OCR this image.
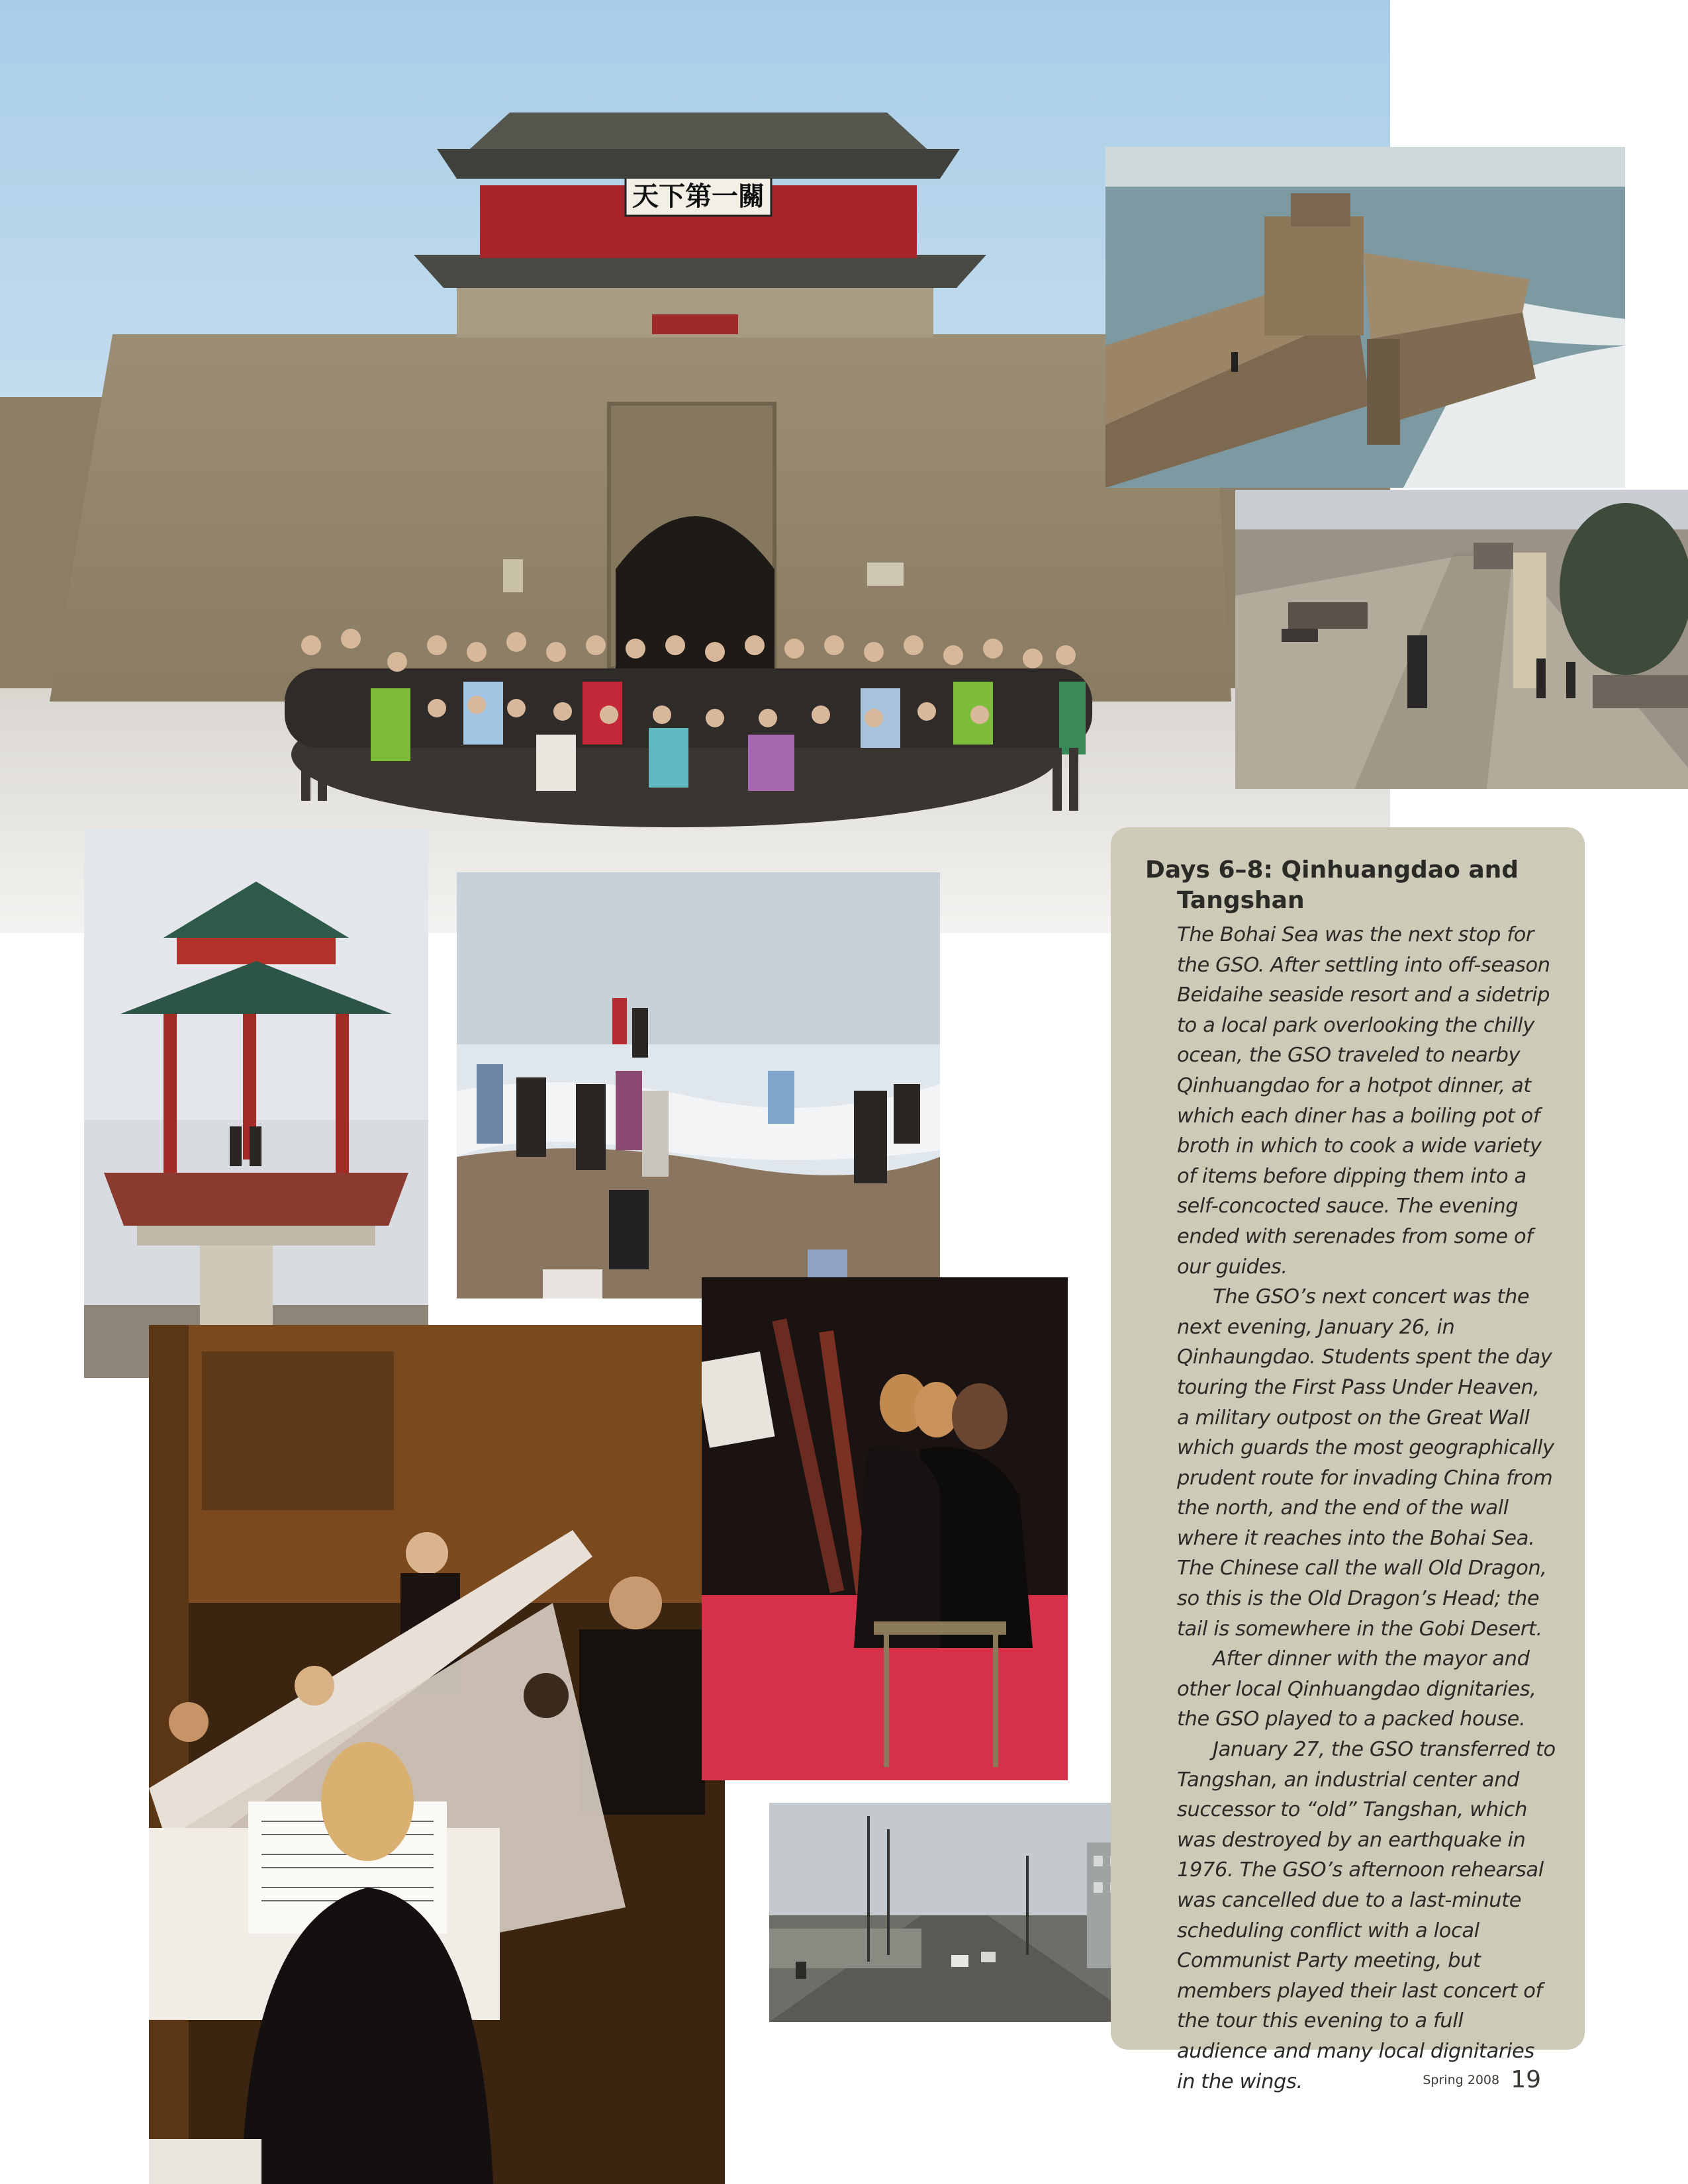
天下第一關
Days 6–8: Qinhuangdao and Tangshan

The Bohai Sea was the next stop for the GSO. After settling into off-season Beidaihe seaside resort and a sidetrip to a local park overlooking the chilly ocean, the GSO traveled to nearby Qinhuangdao for a hotpot dinner, at which each diner has a boiling pot of broth in which to cook a wide variety of items before dipping them into a self-concocted sauce. The evening ended with serenades from some of our guides.

The GSO’s next concert was the next evening, January 26, in Qinhaungdao. Students spent the day touring the First Pass Under Heaven, a military outpost on the Great Wall which guards the most geographically prudent route for invading China from the north, and the end of the wall where it reaches into the Bohai Sea. The Chinese call the wall Old Dragon, so this is the Old Dragon’s Head; the tail is somewhere in the Gobi Desert.

After dinner with the mayor and other local Qinhuangdao dignitaries, the GSO played to a packed house.

January 27, the GSO transferred to Tangshan, an industrial center and successor to “old” Tangshan, which was destroyed by an earthquake in 1976. The GSO’s afternoon rehearsal was cancelled due to a last-minute scheduling conflict with a local Communist Party meeting, but members played their last concert of the tour this evening to a full audience and many local dignitaries in the wings.	Spring 2008 19
